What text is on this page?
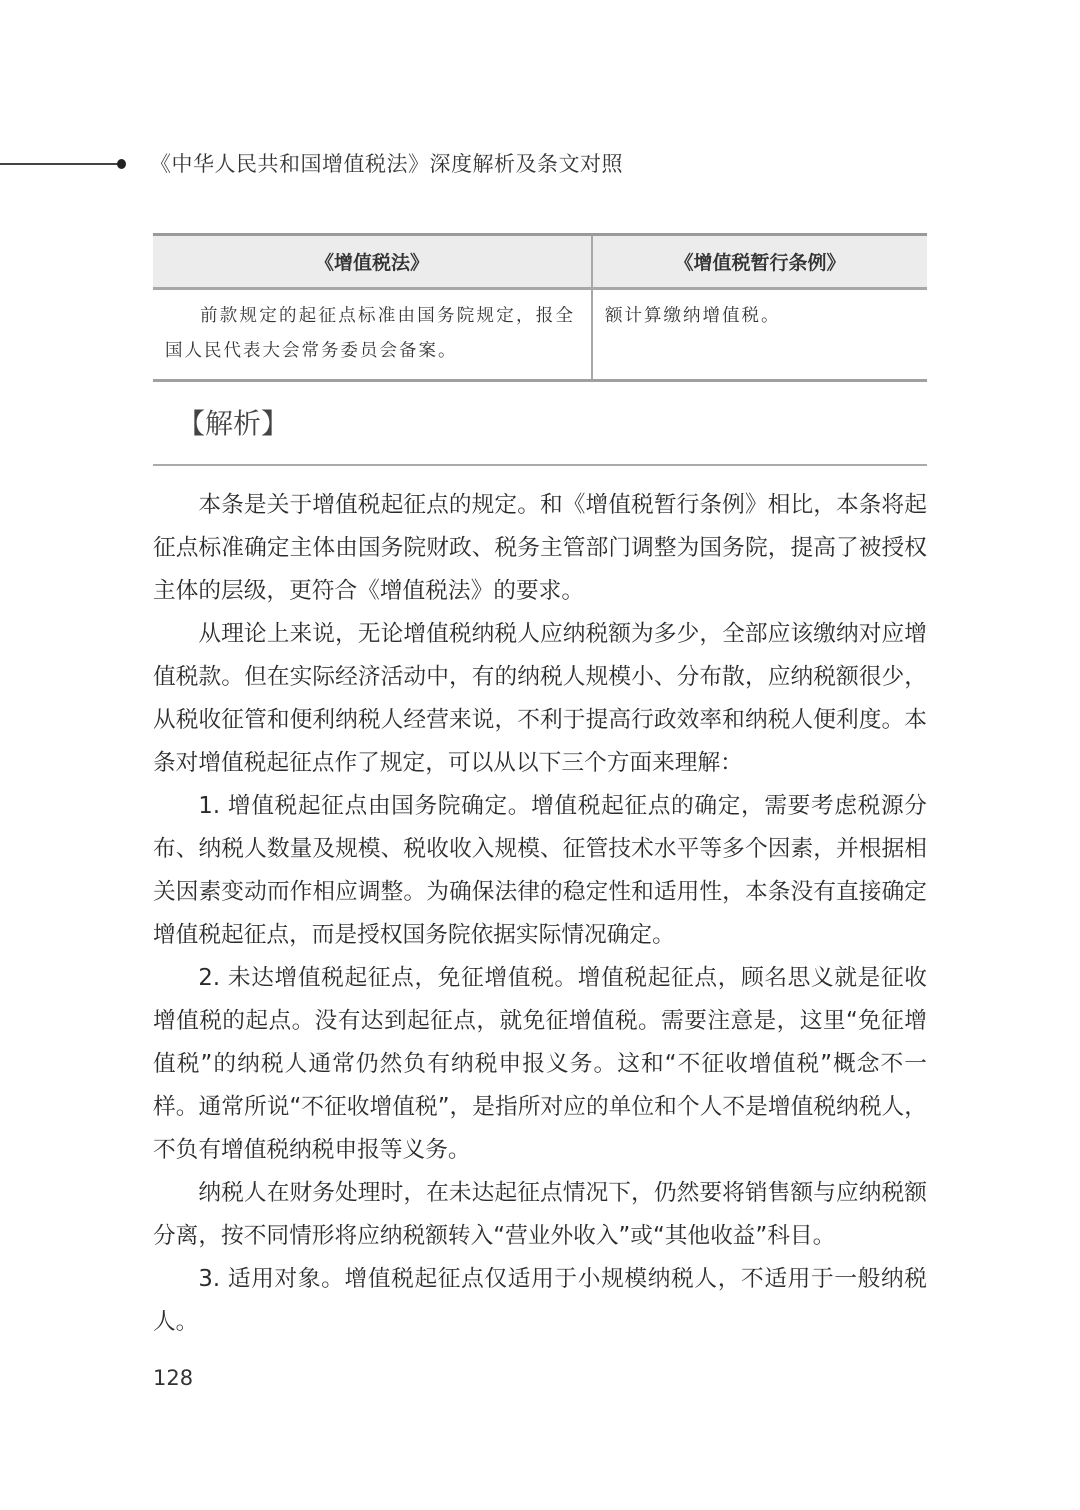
《中华人民共和国增值税法》深度解析及条文对照
《增值税法》	《增值税暂行条例》
前款规定的起征点标准由国务院规定，报全国人民代表大会常务委员会备案。	额计算缴纳增值税。
【解析】

本条是关于增值税起征点的规定。和《增值税暂行条例》相比，本条将起征点标准确定主体由国务院财政、税务主管部门调整为国务院，提高了被授权主体的层级，更符合《增值税法》的要求。

从理论上来说，无论增值税纳税人应纳税额为多少，全部应该缴纳对应增值税款。但在实际经济活动中，有的纳税人规模小、分布散，应纳税额很少，从税收征管和便利纳税人经营来说，不利于提高行政效率和纳税人便利度。本条对增值税起征点作了规定，可以从以下三个方面来理解：

1. 增值税起征点由国务院确定。增值税起征点的确定，需要考虑税源分布、纳税人数量及规模、税收收入规模、征管技术水平等多个因素，并根据相关因素变动而作相应调整。为确保法律的稳定性和适用性，本条没有直接确定增值税起征点，而是授权国务院依据实际情况确定。

2. 未达增值税起征点，免征增值税。增值税起征点，顾名思义就是征收增值税的起点。没有达到起征点，就免征增值税。需要注意是，这里“免征增值税”的纳税人通常仍然负有纳税申报义务。这和“不征收增值税”概念不一样。通常所说“不征收增值税”，是指所对应的单位和个人不是增值税纳税人，不负有增值税纳税申报等义务。

纳税人在财务处理时，在未达起征点情况下，仍然要将销售额与应纳税额分离，按不同情形将应纳税额转入“营业外收入”或“其他收益”科目。

3. 适用对象。增值税起征点仅适用于小规模纳税人，不适用于一般纳税人。

128
